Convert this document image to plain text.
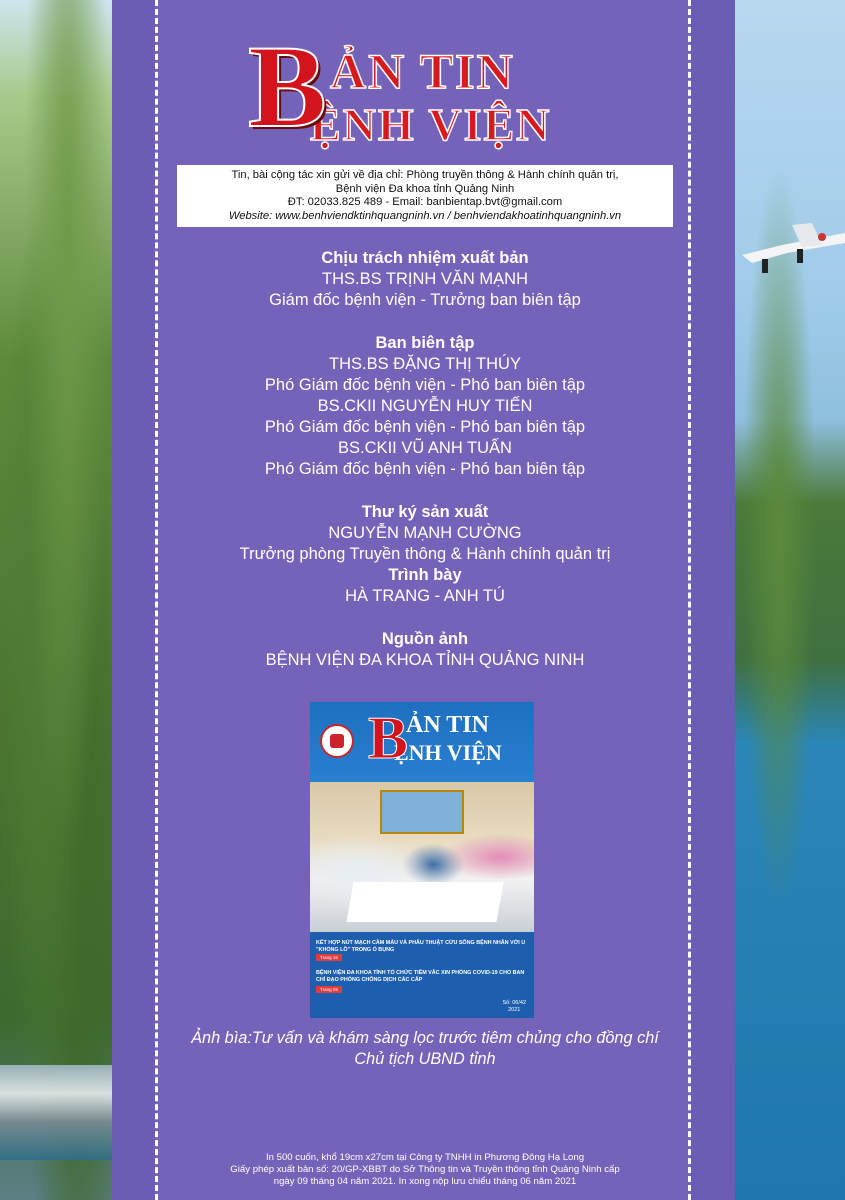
ẢN TIN
ỆNH VIỆN
B
Tin, bài cộng tác xin gửi về địa chỉ: Phòng truyền thông & Hành chính quản trị,
Bệnh viện Đa khoa tỉnh Quảng Ninh
ĐT: 02033.825 489 - Email: banbientap.bvt@gmail.com
Website: www.benhviendktinhquangninh.vn / benhviendakhoatinhquangninh.vn
Chịu trách nhiệm xuất bản
THS.BS TRỊNH VĂN MẠNH
Giám đốc bệnh viện - Trưởng ban biên tập
Ban biên tập
THS.BS ĐẶNG THỊ THÚY
Phó Giám đốc bệnh viện - Phó ban biên tập
BS.CKII NGUYỄN HUY TIẾN
Phó Giám đốc bệnh viện - Phó ban biên tập
BS.CKII VŨ ANH TUẤN
Phó Giám đốc bệnh viện - Phó ban biên tập
Thư ký sản xuất
NGUYỄN MẠNH CƯỜNG
Trưởng phòng Truyền thông & Hành chính quản trị
Trình bày
HÀ TRANG - ANH TÚ
Nguồn ảnh
BỆNH VIỆN ĐA KHOA TỈNH QUẢNG NINH
ẢN TIN
ỆNH VIỆN
B
KẾT HỢP NÚT MẠCH CẦM MÁU VÀ PHẪU THUẬT CỨU SỐNG BỆNH NHÂN VỚI U "KHỔNG LỒ" TRONG Ổ BỤNG
Trang 15
BỆNH VIỆN ĐA KHOA TỈNH TỔ CHỨC TIÊM VẮC XIN PHÒNG COVID-19 CHO BAN CHỈ ĐẠO PHÒNG CHỐNG DỊCH CÁC CẤP
Trang 29
Số: 06/42
2021
Ảnh bìa:Tư vấn và khám sàng lọc trước tiêm chủng cho đồng chí
Chủ tịch UBND tỉnh
In 500 cuốn, khổ 19cm x27cm tại Công ty TNHH in Phương Đông Hạ Long
Giấy phép xuất bản số: 20/GP-XBBT do Sở Thông tin và Truyền thông tỉnh Quảng Ninh cấp
ngày 09 tháng 04 năm 2021. In xong nộp lưu chiểu tháng 06 năm 2021
